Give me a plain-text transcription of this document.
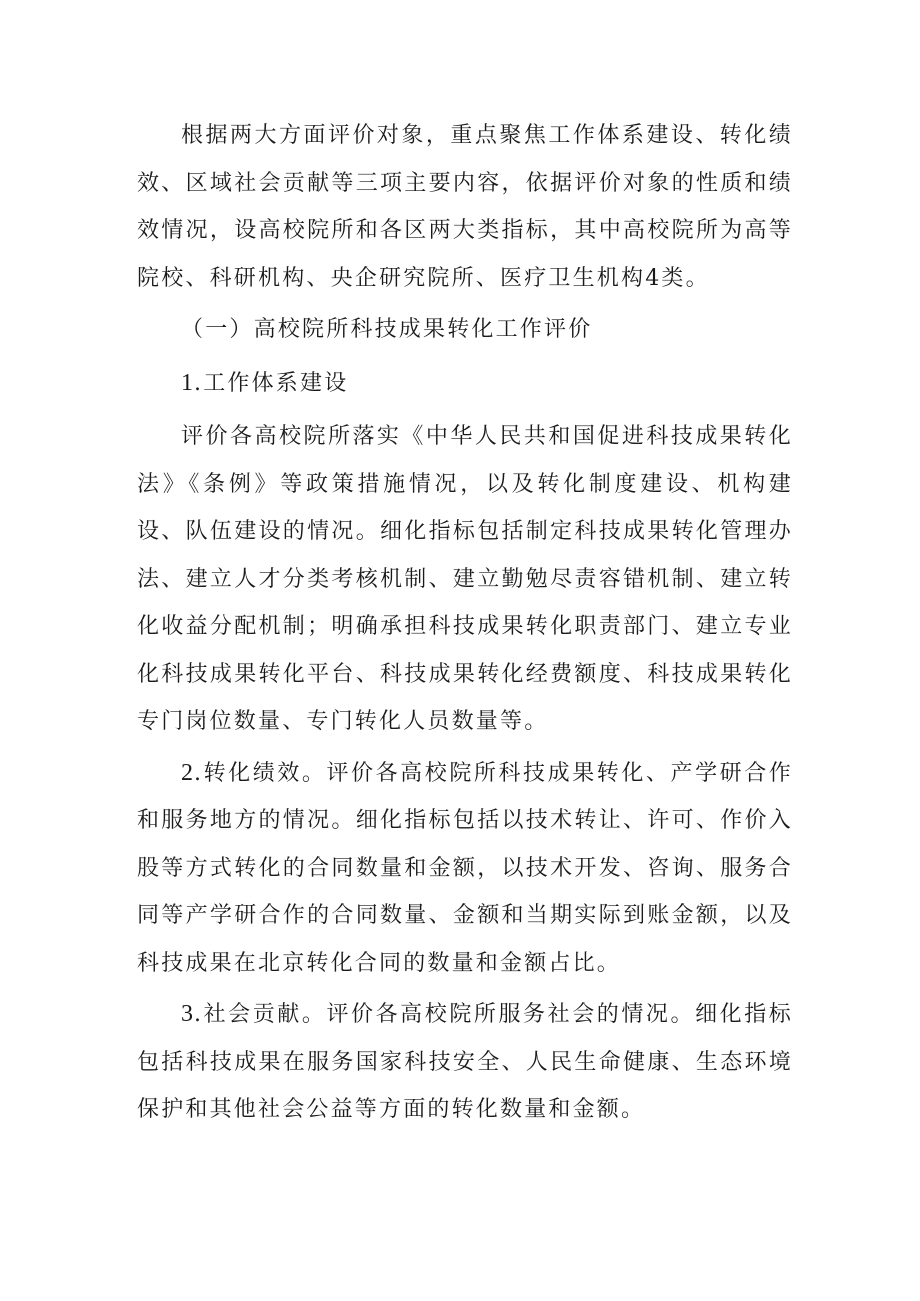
根据两大方面评价对象，重点聚焦工作体系建设、转化绩效、区域社会贡献等三项主要内容，依据评价对象的性质和绩效情况，设高校院所和各区两大类指标，其中高校院所为高等院校、科研机构、央企研究院所、医疗卫生机构4类。

（一）高校院所科技成果转化工作评价

1.工作体系建设

评价各高校院所落实《中华人民共和国促进科技成果转化法》《条例》等政策措施情况，以及转化制度建设、机构建设、队伍建设的情况。细化指标包括制定科技成果转化管理办法、建立人才分类考核机制、建立勤勉尽责容错机制、建立转化收益分配机制；明确承担科技成果转化职责部门、建立专业化科技成果转化平台、科技成果转化经费额度、科技成果转化专门岗位数量、专门转化人员数量等。

2.转化绩效。评价各高校院所科技成果转化、产学研合作和服务地方的情况。细化指标包括以技术转让、许可、作价入股等方式转化的合同数量和金额，以技术开发、咨询、服务合同等产学研合作的合同数量、金额和当期实际到账金额，以及科技成果在北京转化合同的数量和金额占比。

3.社会贡献。评价各高校院所服务社会的情况。细化指标包括科技成果在服务国家科技安全、人民生命健康、生态环境保护和其他社会公益等方面的转化数量和金额。
